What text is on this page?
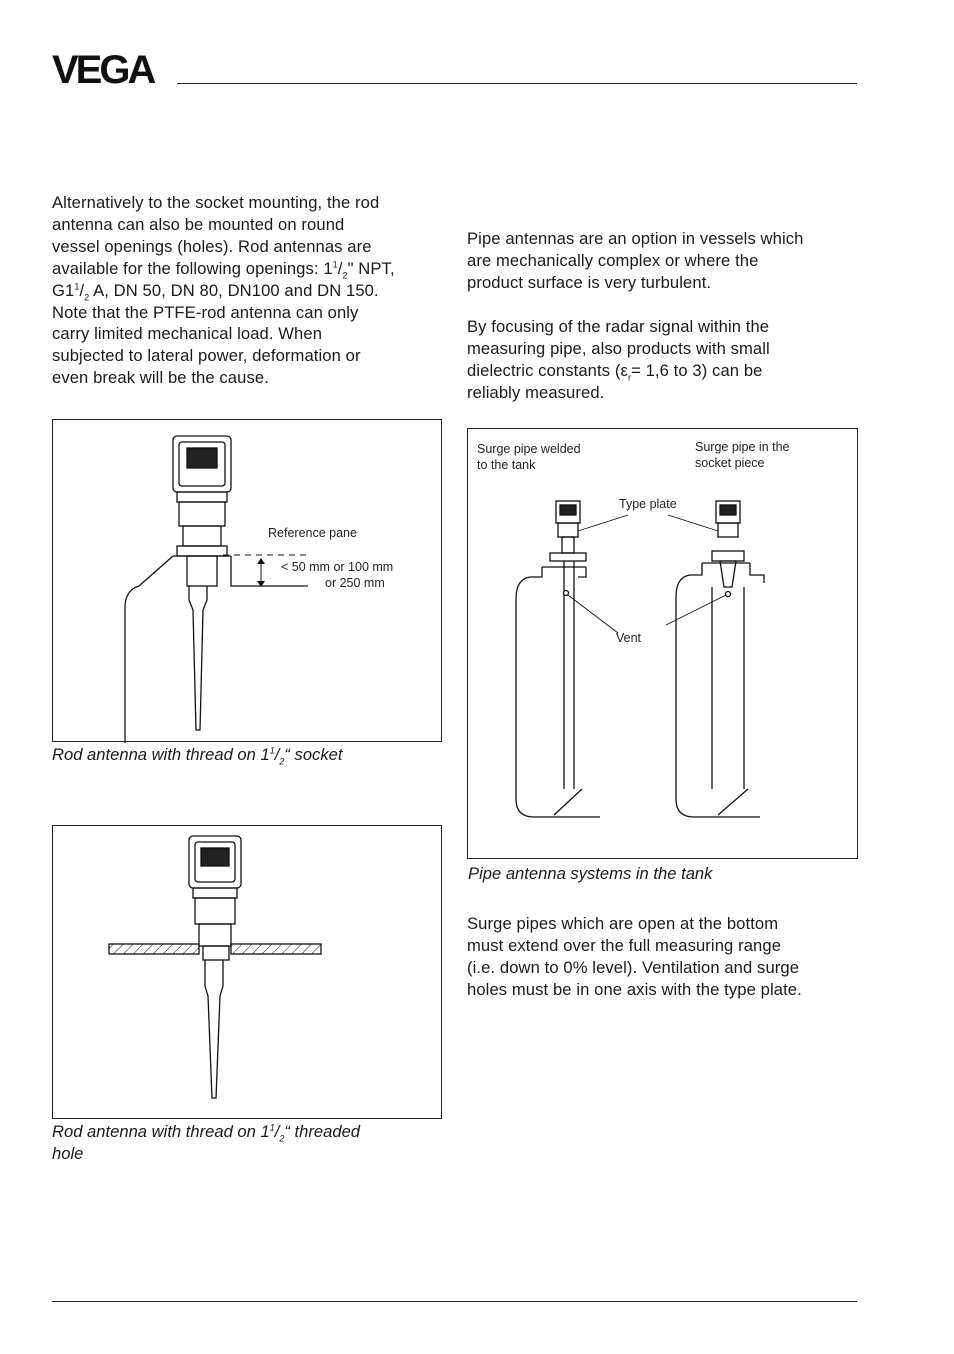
VEGA
Alternatively to the socket mounting, the rod
antenna can also be mounted on round
vessel openings (holes). Rod antennas are
available for the following openings: $1^1/_2$" NPT,
$G1^1/_2$ A, DN 50, DN 80, DN100 and DN 150.
Note that the PTFE-rod antenna can only
carry limited mechanical load. When
subjected to lateral power, deformation or
even break will be the cause.
Reference pane
< 50 mm or 100 mm
or 250 mm
Rod antenna with thread on $1^1/_2“$ socket
Rod antenna with thread on $1^1/_2“$ threaded
hole
Pipe antennas are an option in vessels which
are mechanically complex or where the
product surface is very turbulent.
By focusing of the radar signal within the
measuring pipe, also products with small
dielectric constants ($\varepsilon_r= 1,6$ to 3) can be
reliably measured.
Surge pipe welded
to the tank
Surge pipe in the
socket piece
Type plate
Vent
Pipe antenna systems in the tank
Surge pipes which are open at the bottom
must extend over the full measuring range
(i.e. down to 0% level). Ventilation and surge
holes must be in one axis with the type plate.
